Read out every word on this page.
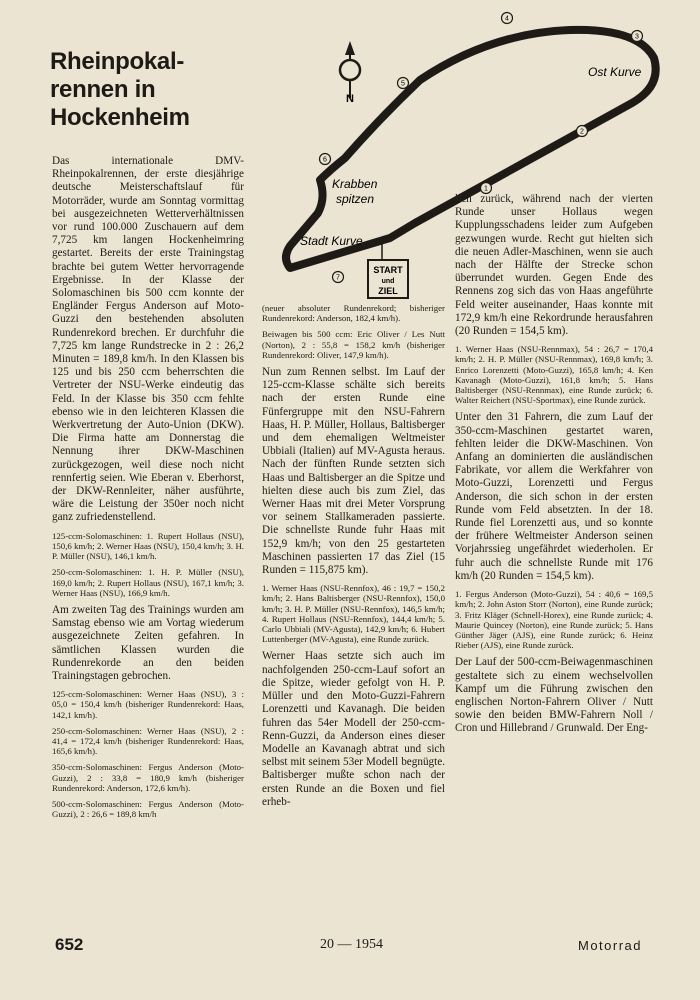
Rheinpokal-
rennen in
Hockenheim
N
START
und
ZIEL
Ost Kurve
Krabben
spitzen
Stadt Kurve
1
2
3
4
5
6
7

Das internationale DMV-Rheinpokalrennen, der erste diesjährige deutsche Meisterschaftslauf für Motorräder, wurde am Sonntag vormittag bei ausgezeichneten Wetterverhältnissen vor rund 100.000 Zuschauern auf dem 7,725 km langen Hockenheimring gestartet. Bereits der erste Trainingstag brachte bei gutem Wetter hervorragende Ergebnisse. In der Klasse der Solomaschinen bis 500 ccm konnte der Engländer Fergus Anderson auf Moto-Guzzi den bestehenden absoluten Rundenrekord brechen. Er durchfuhr die 7,725 km lange Rundstrecke in 2 : 26,2 Minuten = 189,8 km/h. In den Klassen bis 125 und bis 250 ccm beherrschten die Vertreter der NSU-Werke eindeutig das Feld. In der Klasse bis 350 ccm fehlte ebenso wie in den leichteren Klassen die Werkvertretung der Auto-Union (DKW). Die Firma hatte am Donnerstag die Nennung ihrer DKW-Maschinen zurückgezogen, weil diese noch nicht rennfertig seien. Wie Eberan v. Eberhorst, der DKW-Rennleiter, näher ausführte, wäre die Leistung der 350er noch nicht ganz zufriedenstellend.

125-ccm-Solomaschinen: 1. Rupert Hollaus (NSU), 150,6 km/h; 2. Werner Haas (NSU), 150,4 km/h; 3. H. P. Müller (NSU), 146,1 km/h.

250-ccm-Solomaschinen: 1. H. P. Müller (NSU), 169,0 km/h; 2. Rupert Hollaus (NSU), 167,1 km/h; 3. Werner Haas (NSU), 166,9 km/h.

Am zweiten Tag des Trainings wurden am Samstag ebenso wie am Vortag wiederum ausgezeichnete Zeiten gefahren. In sämtlichen Klassen wurden die Rundenrekorde an den beiden Trainingstagen gebrochen.

125-ccm-Solomaschinen: Werner Haas (NSU), 3 : 05,0 = 150,4 km/h (bisheriger Rundenrekord: Haas, 142,1 km/h).

250-ccm-Solomaschinen: Werner Haas (NSU), 2 : 41,4 = 172,4 km/h (bisheriger Rundenrekord: Haas, 165,6 km/h).

350-ccm-Solomaschinen: Fergus Anderson (Moto-Guzzi), 2 : 33,8 = 180,9 km/h (bisheriger Rundenrekord: Anderson, 172,6 km/h).

500-ccm-Solomaschinen: Fergus Anderson (Moto-Guzzi), 2 : 26,6 = 189,8 km/h

(neuer absoluter Rundenrekord; bisheriger Rundenrekord: Anderson, 182,4 km/h).

Beiwagen bis 500 ccm: Eric Oliver / Les Nutt (Norton), 2 : 55,8 = 158,2 km/h (bisheriger Rundenrekord: Oliver, 147,9 km/h).

Nun zum Rennen selbst. Im Lauf der 125-ccm-Klasse schälte sich bereits nach der ersten Runde eine Fünfergruppe mit den NSU-Fahrern Haas, H. P. Müller, Hollaus, Baltisberger und dem ehemaligen Weltmeister Ubbiali (Italien) auf MV-Agusta heraus. Nach der fünften Runde setzten sich Haas und Baltisberger an die Spitze und hielten diese auch bis zum Ziel, das Werner Haas mit drei Meter Vorsprung vor seinem Stallkameraden passierte. Die schnellste Runde fuhr Haas mit 152,9 km/h; von den 25 gestarteten Maschinen passierten 17 das Ziel (15 Runden = 115,875 km).

1. Werner Haas (NSU-Rennfox), 46 : 19,7 = 150,2 km/h; 2. Hans Baltisberger (NSU-Rennfox), 150,0 km/h; 3. H. P. Müller (NSU-Rennfox), 146,5 km/h; 4. Rupert Hollaus (NSU-Rennfox), 144,4 km/h; 5. Carlo Ubbiali (MV-Agusta), 142,9 km/h; 6. Hubert Luttenberger (MV-Agusta), eine Runde zurück.

Werner Haas setzte sich auch im nachfolgenden 250-ccm-Lauf sofort an die Spitze, wieder gefolgt von H. P. Müller und den Moto-Guzzi-Fahrern Lorenzetti und Kavanagh. Die beiden fuhren das 54er Modell der 250-ccm-Renn-Guzzi, da Anderson eines dieser Modelle an Kavanagh abtrat und sich selbst mit seinem 53er Modell begnügte. Baltisberger mußte schon nach der ersten Runde an die Boxen und fiel erheb-

lich zurück, während nach der vierten Runde unser Hollaus wegen Kupplungsschadens leider zum Aufgeben gezwungen wurde. Recht gut hielten sich die neuen Adler-Maschinen, wenn sie auch nach der Hälfte der Strecke schon überrundet wurden. Gegen Ende des Rennens zog sich das von Haas angeführte Feld weiter auseinander, Haas konnte mit 172,9 km/h eine Rekordrunde herausfahren (20 Runden = 154,5 km).

1. Werner Haas (NSU-Rennmax), 54 : 26,7 = 170,4 km/h; 2. H. P. Müller (NSU-Rennmax), 169,8 km/h; 3. Enrico Lorenzetti (Moto-Guzzi), 165,8 km/h; 4. Ken Kavanagh (Moto-Guzzi), 161,8 km/h; 5. Hans Baltisberger (NSU-Rennmax), eine Runde zurück; 6. Walter Reichert (NSU-Sportmax), eine Runde zurück.

Unter den 31 Fahrern, die zum Lauf der 350-ccm-Maschinen gestartet waren, fehlten leider die DKW-Maschinen. Von Anfang an dominierten die ausländischen Fabrikate, vor allem die Werkfahrer von Moto-Guzzi, Lorenzetti und Fergus Anderson, die sich schon in der ersten Runde vom Feld absetzten. In der 18. Runde fiel Lorenzetti aus, und so konnte der frühere Weltmeister Anderson seinen Vorjahrssieg ungefährdet wiederholen. Er fuhr auch die schnellste Runde mit 176 km/h (20 Runden = 154,5 km).

1. Fergus Anderson (Moto-Guzzi), 54 : 40,6 = 169,5 km/h; 2. John Aston Storr (Norton), eine Runde zurück; 3. Fritz Kläger (Schnell-Horex), eine Runde zurück; 4. Maurie Quincey (Norton), eine Runde zurück; 5. Hans Günther Jäger (AJS), eine Runde zurück; 6. Heinz Rieber (AJS), eine Runde zurück.

Der Lauf der 500-ccm-Beiwagenmaschinen gestaltete sich zu einem wechselvollen Kampf um die Führung zwischen den englischen Norton-Fahrern Oliver / Nutt sowie den beiden BMW-Fahrern Noll / Cron und Hillebrand / Grunwald. Der Eng-

652	20 — 1954	Motorrad
